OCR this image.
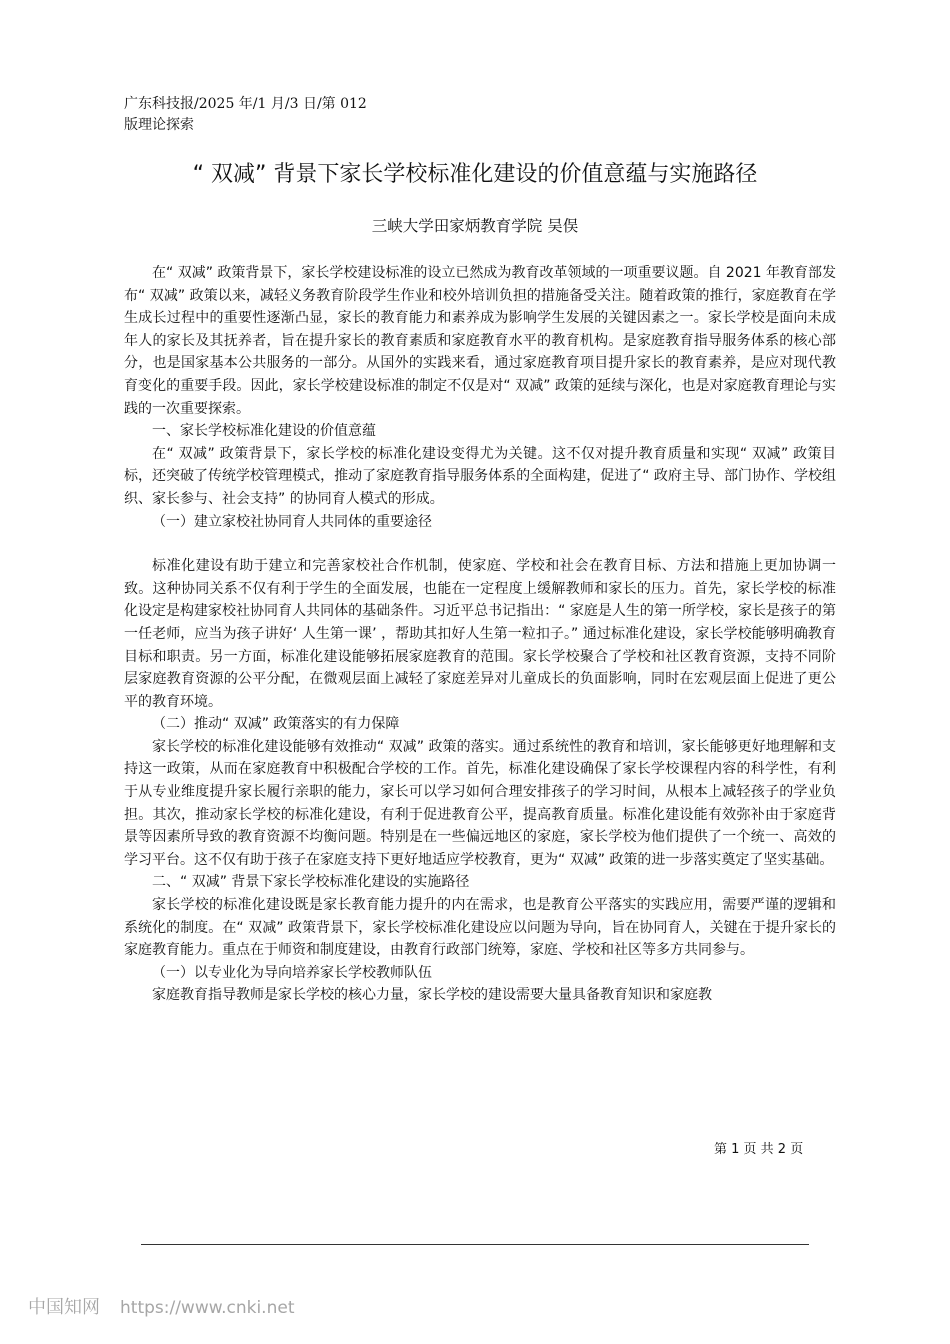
广东科技报/2025 年/1 月/3 日/第 012
版理论探索
“ 双减” 背景下家长学校标准化建设的价值意蕴与实施路径
三峡大学田家炳教育学院 吴俣

在“ 双减” 政策背景下，家长学校建设标准的设立已然成为教育改革领域的一项重要议题。自 2021 年教育部发布“ 双减” 政策以来，减轻义务教育阶段学生作业和校外培训负担的措施备受关注。随着政策的推行，家庭教育在学生成长过程中的重要性逐渐凸显，家长的教育能力和素养成为影响学生发展的关键因素之一。家长学校是面向未成年人的家长及其抚养者，旨在提升家长的教育素质和家庭教育水平的教育机构。是家庭教育指导服务体系的核心部分，也是国家基本公共服务的一部分。从国外的实践来看，通过家庭教育项目提升家长的教育素养，是应对现代教育变化的重要手段。因此，家长学校建设标准的制定不仅是对“ 双减” 政策的延续与深化，也是对家庭教育理论与实践的一次重要探索。

一、家长学校标准化建设的价值意蕴

在“ 双减” 政策背景下，家长学校的标准化建设变得尤为关键。这不仅对提升教育质量和实现“ 双减” 政策目标，还突破了传统学校管理模式，推动了家庭教育指导服务体系的全面构建，促进了“ 政府主导、部门协作、学校组织、家长参与、社会支持” 的协同育人模式的形成。

（一）建立家校社协同育人共同体的重要途径

标准化建设有助于建立和完善家校社合作机制，使家庭、学校和社会在教育目标、方法和措施上更加协调一致。这种协同关系不仅有利于学生的全面发展，也能在一定程度上缓解教师和家长的压力。首先，家长学校的标准化设定是构建家校社协同育人共同体的基础条件。习近平总书记指出：“ 家庭是人生的第一所学校，家长是孩子的第一任老师，应当为孩子讲好‘ 人生第一课’ ，帮助其扣好人生第一粒扣子。” 通过标准化建设，家长学校能够明确教育目标和职责。另一方面，标准化建设能够拓展家庭教育的范围。家长学校聚合了学校和社区教育资源，支持不同阶层家庭教育资源的公平分配，在微观层面上减轻了家庭差异对儿童成长的负面影响，同时在宏观层面上促进了更公平的教育环境。

（二）推动“ 双减” 政策落实的有力保障

家长学校的标准化建设能够有效推动“ 双减” 政策的落实。通过系统性的教育和培训，家长能够更好地理解和支持这一政策，从而在家庭教育中积极配合学校的工作。首先，标准化建设确保了家长学校课程内容的科学性，有利于从专业维度提升家长履行亲职的能力，家长可以学习如何合理安排孩子的学习时间，从根本上减轻孩子的学业负担。其次，推动家长学校的标准化建设，有利于促进教育公平，提高教育质量。标准化建设能有效弥补由于家庭背景等因素所导致的教育资源不均衡问题。特别是在一些偏远地区的家庭，家长学校为他们提供了一个统一、高效的学习平台。这不仅有助于孩子在家庭支持下更好地适应学校教育，更为“ 双减” 政策的进一步落实奠定了坚实基础。

二、“ 双减” 背景下家长学校标准化建设的实施路径

家长学校的标准化建设既是家长教育能力提升的内在需求，也是教育公平落实的实践应用，需要严谨的逻辑和系统化的制度。在“ 双减” 政策背景下，家长学校标准化建设应以问题为导向，旨在协同育人，关键在于提升家长的家庭教育能力。重点在于师资和制度建设，由教育行政部门统筹，家庭、学校和社区等多方共同参与。

（一）以专业化为导向培养家长学校教师队伍

家庭教育指导教师是家长学校的核心力量，家长学校的建设需要大量具备教育知识和家庭教

第 1 页 共 2 页
中国知网 https://www.cnki.net
